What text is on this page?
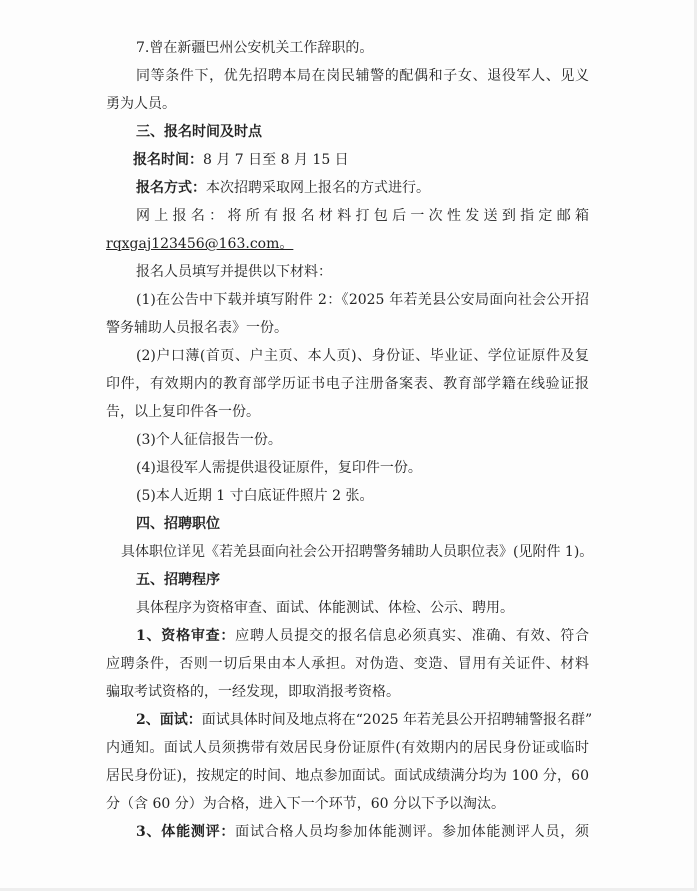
7.曾在新疆巴州公安机关工作辞职的。
同等条件下，优先招聘本局在岗民辅警的配偶和子女、退役军人、见义
勇为人员。
三、报名时间及时点
报名时间：8 月 7 日至 8 月 15 日
报名方式：本次招聘采取网上报名的方式进行。
网上报名：将所有报名材料打包后一次性发送到指定邮箱
rqxgaj123456@163.com。
报名人员填写并提供以下材料：
(1)在公告中下载并填写附件 2：《2025 年若羌县公安局面向社会公开招
警务辅助人员报名表》一份。
(2)户口薄(首页、户主页、本人页)、身份证、毕业证、学位证原件及复
印件，有效期内的教育部学历证书电子注册备案表、教育部学籍在线验证报
告，以上复印件各一份。
(3)个人征信报告一份。
(4)退役军人需提供退役证原件，复印件一份。
(5)本人近期 1 寸白底证件照片 2 张。
四、招聘职位
具体职位详见《若羌县面向社会公开招聘警务辅助人员职位表》(见附件 1)。
五、招聘程序
具体程序为资格审查、面试、体能测试、体检、公示、聘用。
1、资格审查：应聘人员提交的报名信息必须真实、准确、有效、符合
应聘条件，否则一切后果由本人承担。对伪造、变造、冒用有关证件、材料
骗取考试资格的，一经发现，即取消报考资格。
2、面试：面试具体时间及地点将在“2025 年若羌县公开招聘辅警报名群”
内通知。面试人员须携带有效居民身份证原件(有效期内的居民身份证或临时
居民身份证)，按规定的时间、地点参加面试。面试成绩满分均为 100 分，60
分（含 60 分）为合格，进入下一个环节，60 分以下予以淘汰。
3、体能测评：面试合格人员均参加体能测评。参加体能测评人员，须
